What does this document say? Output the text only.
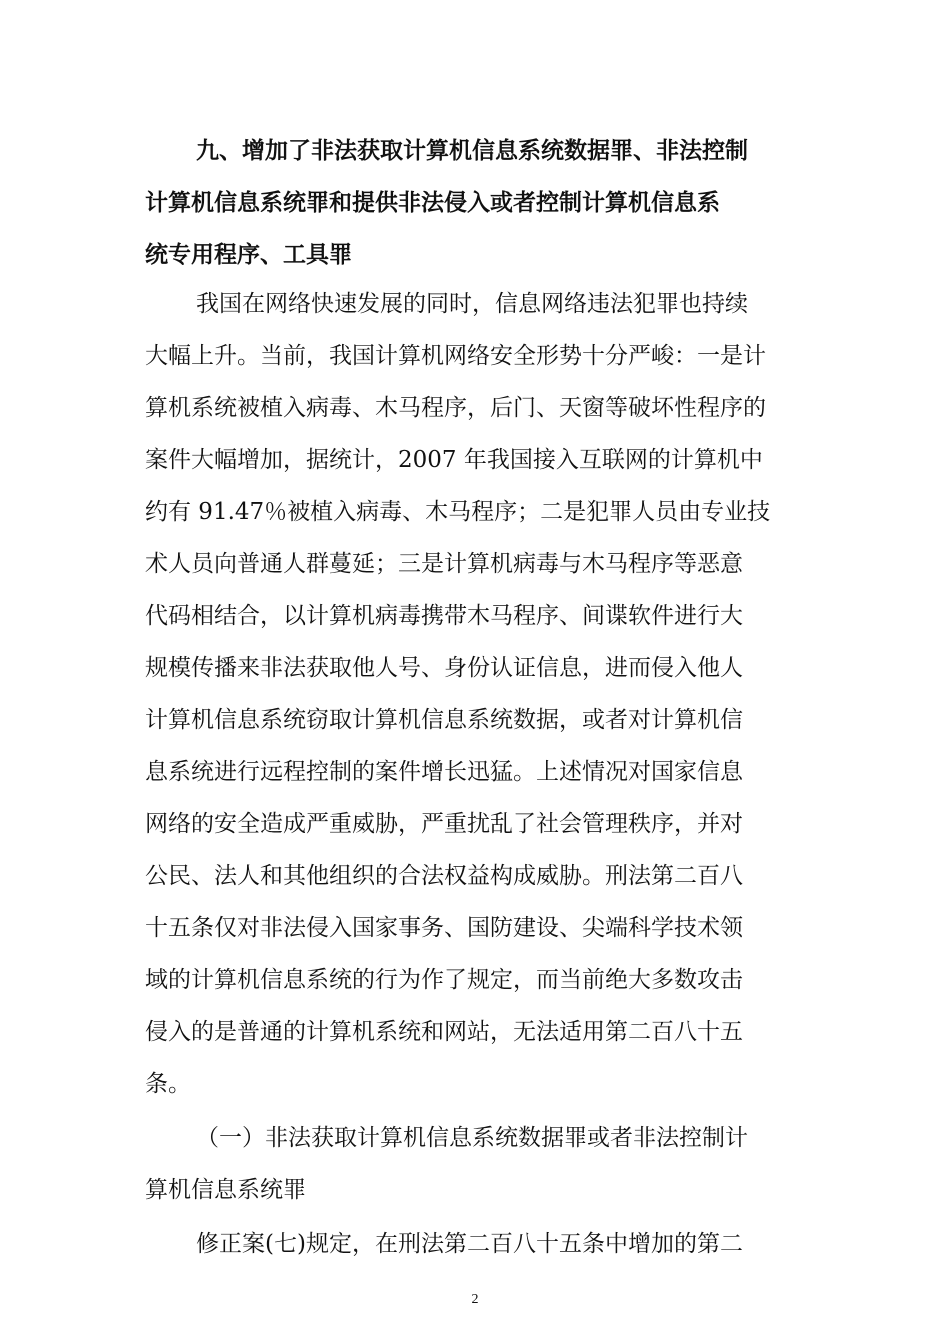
九、增加了非法获取计算机信息系统数据罪、非法控制
计算机信息系统罪和提供非法侵入或者控制计算机信息系
统专用程序、工具罪
我国在网络快速发展的同时，信息网络违法犯罪也持续
大幅上升。当前，我国计算机网络安全形势十分严峻：一是计
算机系统被植入病毒、木马程序，后门、天窗等破坏性程序的
案件大幅增加，据统计，2007 年我国接入互联网的计算机中
约有 91.47％被植入病毒、木马程序；二是犯罪人员由专业技
术人员向普通人群蔓延；三是计算机病毒与木马程序等恶意
代码相结合，以计算机病毒携带木马程序、间谍软件进行大
规模传播来非法获取他人号、身份认证信息，进而侵入他人
计算机信息系统窃取计算机信息系统数据，或者对计算机信
息系统进行远程控制的案件增长迅猛。上述情况对国家信息
网络的安全造成严重威胁，严重扰乱了社会管理秩序，并对
公民、法人和其他组织的合法权益构成威胁。刑法第二百八
十五条仅对非法侵入国家事务、国防建设、尖端科学技术领
域的计算机信息系统的行为作了规定，而当前绝大多数攻击
侵入的是普通的计算机系统和网站，无法适用第二百八十五
条。
（一）非法获取计算机信息系统数据罪或者非法控制计
算机信息系统罪
修正案(七)规定，在刑法第二百八十五条中增加的第二
2
